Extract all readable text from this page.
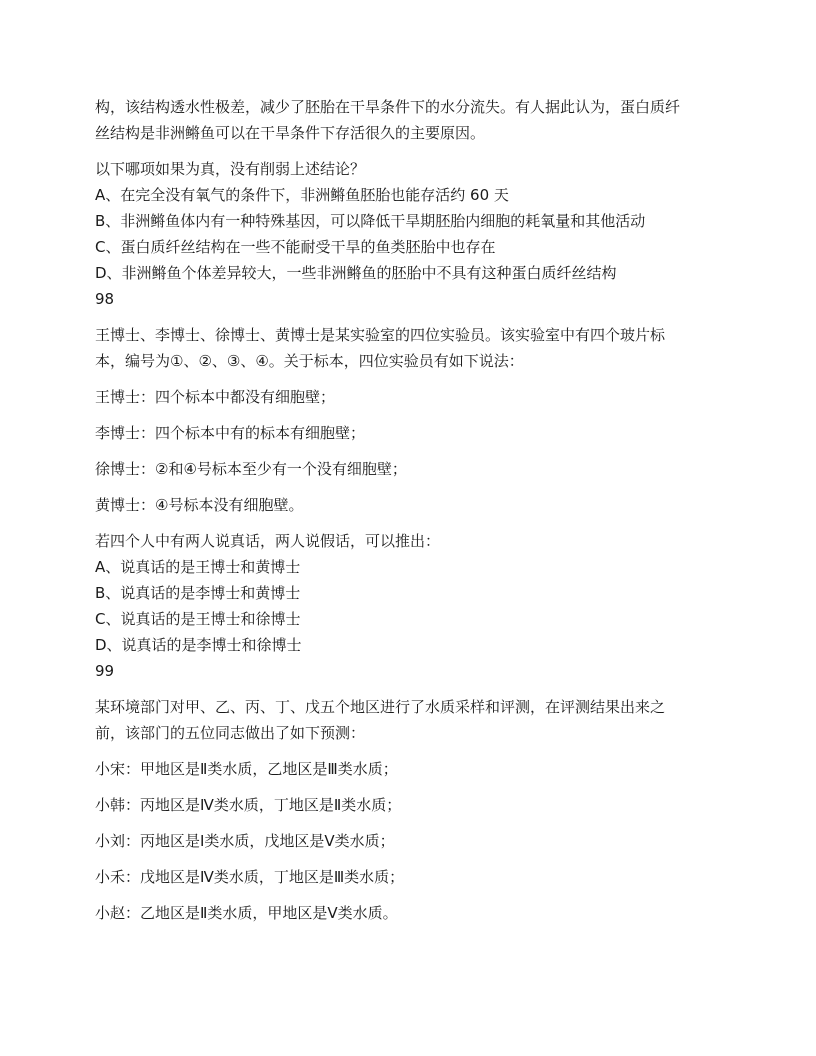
构，该结构透水性极差，减少了胚胎在干旱条件下的水分流失。有人据此认为，蛋白质纤

丝结构是非洲鳉鱼可以在干旱条件下存活很久的主要原因。

以下哪项如果为真，没有削弱上述结论？

A、在完全没有氧气的条件下，非洲鳉鱼胚胎也能存活约 60 天

B、非洲鳉鱼体内有一种特殊基因，可以降低干旱期胚胎内细胞的耗氧量和其他活动

C、蛋白质纤丝结构在一些不能耐受干旱的鱼类胚胎中也存在

D、非洲鳉鱼个体差异较大，一些非洲鳉鱼的胚胎中不具有这种蛋白质纤丝结构

98

王博士、李博士、徐博士、黄博士是某实验室的四位实验员。该实验室中有四个玻片标

本，编号为①、②、③、④。关于标本，四位实验员有如下说法：

王博士：四个标本中都没有细胞壁；

李博士：四个标本中有的标本有细胞壁；

徐博士：②和④号标本至少有一个没有细胞壁；

黄博士：④号标本没有细胞壁。

若四个人中有两人说真话，两人说假话，可以推出：

A、说真话的是王博士和黄博士

B、说真话的是李博士和黄博士

C、说真话的是王博士和徐博士

D、说真话的是李博士和徐博士

99

某环境部门对甲、乙、丙、丁、戊五个地区进行了水质采样和评测，在评测结果出来之

前，该部门的五位同志做出了如下预测：

小宋：甲地区是Ⅱ类水质，乙地区是Ⅲ类水质；

小韩：丙地区是Ⅳ类水质，丁地区是Ⅱ类水质；

小刘：丙地区是Ⅰ类水质，戊地区是Ⅴ类水质；

小禾：戊地区是Ⅳ类水质，丁地区是Ⅲ类水质；

小赵：乙地区是Ⅱ类水质，甲地区是Ⅴ类水质。
